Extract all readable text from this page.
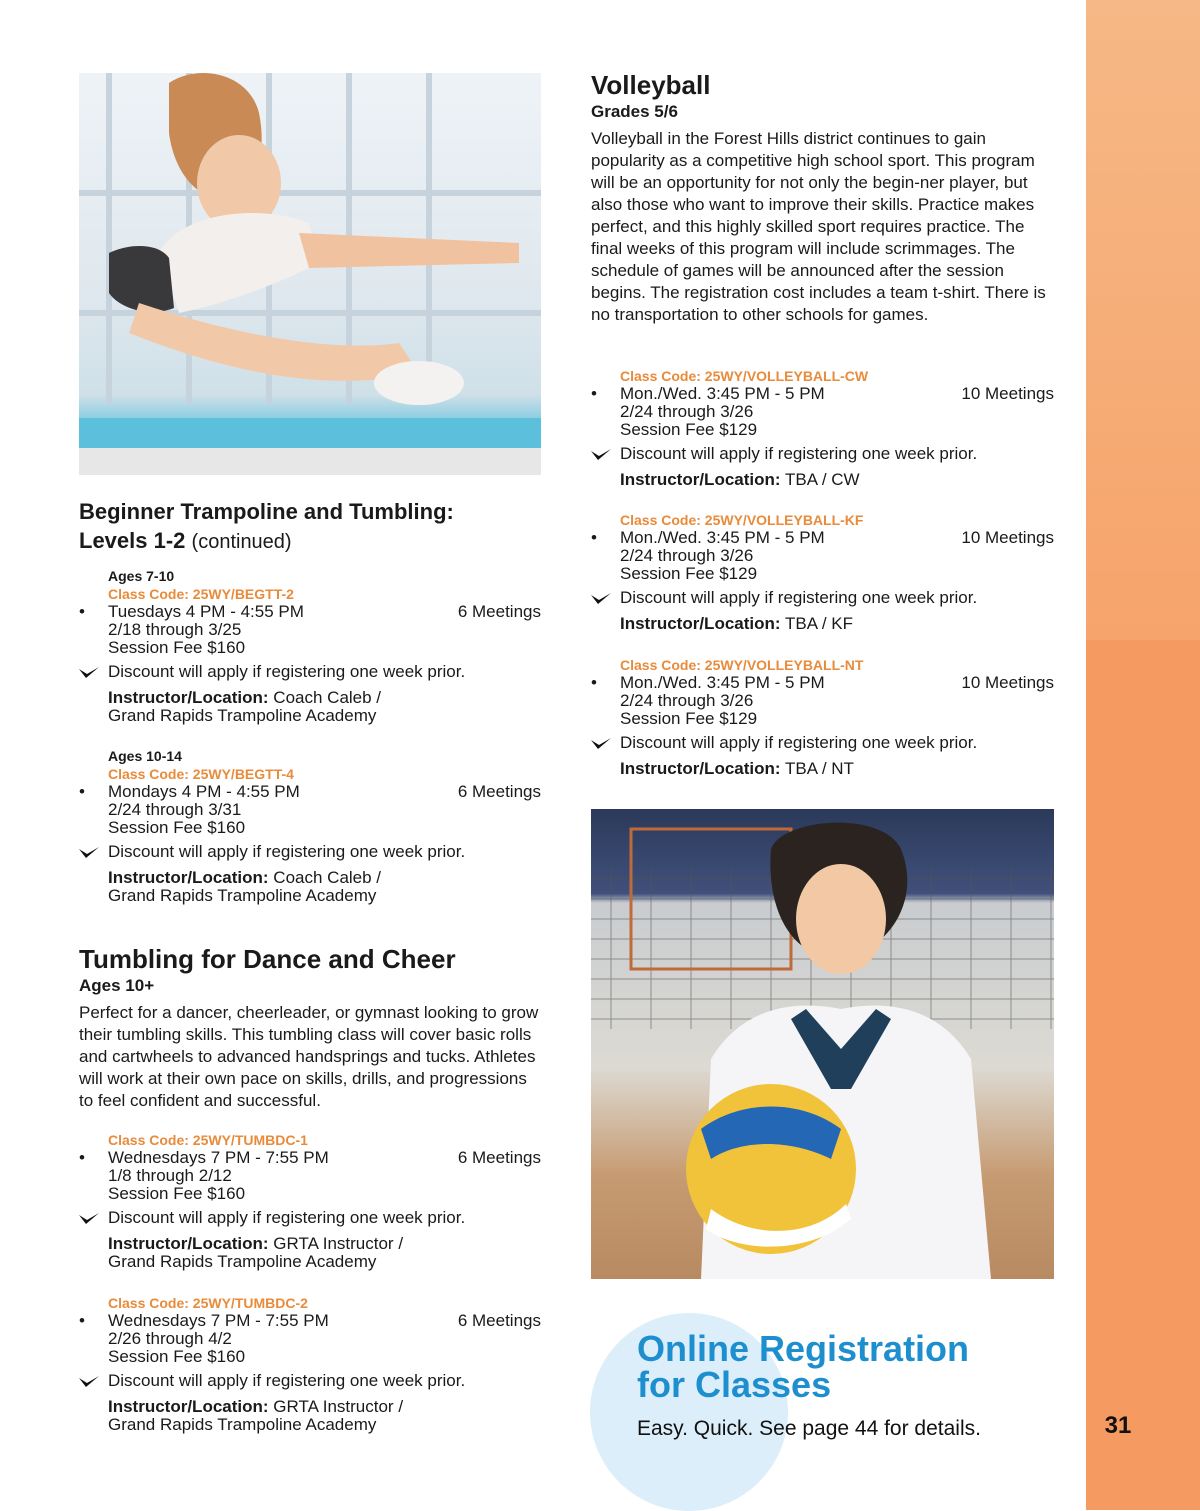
31
Beginner Trampoline and Tumbling:
Levels 1-2 (continued)
Ages 7-10
Class Code: 25WY/BEGTT-2
• Tuesdays 4 PM - 4:55 PM	6 Meetings
2/18 through 3/25
Session Fee $160
Discount will apply if registering one week prior.
Instructor/Location: Coach Caleb /
Grand Rapids Trampoline Academy
Ages 10-14
Class Code: 25WY/BEGTT-4
• Mondays 4 PM - 4:55 PM	6 Meetings
2/24 through 3/31
Session Fee $160
Discount will apply if registering one week prior.
Instructor/Location: Coach Caleb /
Grand Rapids Trampoline Academy
Tumbling for Dance and Cheer
Ages 10+

Perfect for a dancer, cheerleader, or gymnast looking to grow their tumbling skills. This tumbling class will cover basic rolls and cartwheels to advanced handsprings and tucks. Athletes will work at their own pace on skills, drills, and progressions to feel confident and successful.

Class Code: 25WY/TUMBDC-1
• Wednesdays 7 PM - 7:55 PM	6 Meetings
1/8 through 2/12
Session Fee $160
Discount will apply if registering one week prior.
Instructor/Location: GRTA Instructor /
Grand Rapids Trampoline Academy
Class Code: 25WY/TUMBDC-2
• Wednesdays 7 PM - 7:55 PM	6 Meetings
2/26 through 4/2
Session Fee $160
Discount will apply if registering one week prior.
Instructor/Location: GRTA Instructor /
Grand Rapids Trampoline Academy
Volleyball
Grades 5/6

Volleyball in the Forest Hills district continues to gain popularity as a competitive high school sport. This program will be an opportunity for not only the begin-ner player, but also those who want to improve their skills. Practice makes perfect, and this highly skilled sport requires practice. The final weeks of this program will include scrimmages. The schedule of games will be announced after the session begins. The registration cost includes a team t-shirt. There is no transportation to other schools for games.

Class Code: 25WY/VOLLEYBALL-CW
• Mon./Wed. 3:45 PM - 5 PM	10 Meetings
2/24 through 3/26
Session Fee $129
Discount will apply if registering one week prior.
Instructor/Location: TBA / CW
Class Code: 25WY/VOLLEYBALL-KF
• Mon./Wed. 3:45 PM - 5 PM	10 Meetings
2/24 through 3/26
Session Fee $129
Discount will apply if registering one week prior.
Instructor/Location: TBA / KF
Class Code: 25WY/VOLLEYBALL-NT
• Mon./Wed. 3:45 PM - 5 PM	10 Meetings
2/24 through 3/26
Session Fee $129
Discount will apply if registering one week prior.
Instructor/Location: TBA / NT
Online Registration
for Classes

Easy. Quick. See page 44 for details.
